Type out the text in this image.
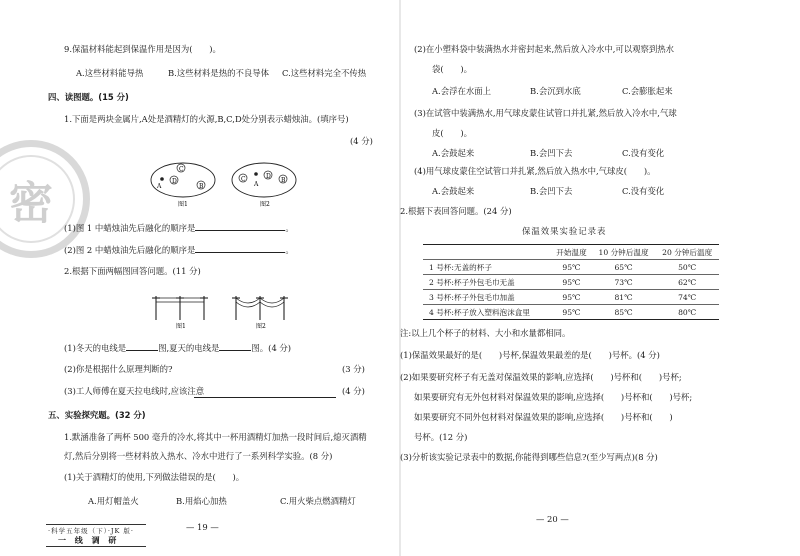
密
9.保温材料能起到保温作用是因为(　　)。
A.这些材料能导热	B.这些材料是热的不良导体 C.这些材料完全不传热
四、读图题。(15 分)
1.下面是两块金属片,A处是酒精灯的火源,B,C,D处分别表示蜡烛油。(填序号)
(4 分)
C
A
D
B
图1
C
A
D
B
图2
(1)图 1 中蜡烛油先后融化的顺序是	。
(2)图 2 中蜡烛油先后融化的顺序是	。
2.根据下面两幅图回答问题。(11 分)
图1	图2
(1)冬天的电线是	图,夏天的电线是	图。(4 分)
(2)你是根据什么原理判断的?	(3 分)
(3)工人师傅在夏天拉电线时,应该注意	(4 分)
五、实验探究题。(32 分)
1.默涵准备了两杯 500 毫升的冷水,将其中一杯用酒精灯加热一段时间后,熄灭酒精
灯,然后分别将一些材料放入热水、冷水中进行了一系列科学实验。(8 分)
(1)关于酒精灯的使用,下列做法错误的是(　　)。
A.用灯帽盖火	B.用焰心加热	C.用火柴点燃酒精灯
·科学五年级（下）·JK 版·
一 线 调 研
— 19 —
(2)在小塑料袋中装满热水并密封起来,然后放入冷水中,可以观察到热水
袋(　　)。
A.会浮在水面上	B.会沉到水底	C.会膨胀起来
(3)在试管中装满热水,用气球皮蒙住试管口并扎紧,然后放入冷水中,气球
皮(　　)。
A.会鼓起来	B.会凹下去	C.没有变化
(4)用气球皮蒙住空试管口并扎紧,然后放入热水中,气球皮(　　)。
A.会鼓起来	B.会凹下去	C.没有变化
2.根据下表回答问题。(24 分)
保温效果实验记录表
	开始温度	10 分钟后温度	20 分钟后温度
1 号杯:无盖的杯子	95℃	65℃	50℃
2 号杯:杯子外包毛巾无盖	95℃	73℃	62℃
3 号杯:杯子外包毛巾加盖	95℃	81℃	74℃
4 号杯:杯子放入塑料泡沫盒里	95℃	85℃	80℃
注:以上几个杯子的材料、大小和水量都相同。
(1)保温效果最好的是(　　)号杯,保温效果最差的是(　　)号杯。(4 分)
(2)如果要研究杯子有无盖对保温效果的影响,应选择(　　)号杯和(　　)号杯;
如果要研究有无外包材料对保温效果的影响,应选择(　　)号杯和(　　)号杯;
如果要研究不同外包材料对保温效果的影响,应选择(　　)号杯和(　　)
号杯。(12 分)
(3)分析该实验记录表中的数据,你能得到哪些信息?(至少写两点)(8 分)
— 20 —
